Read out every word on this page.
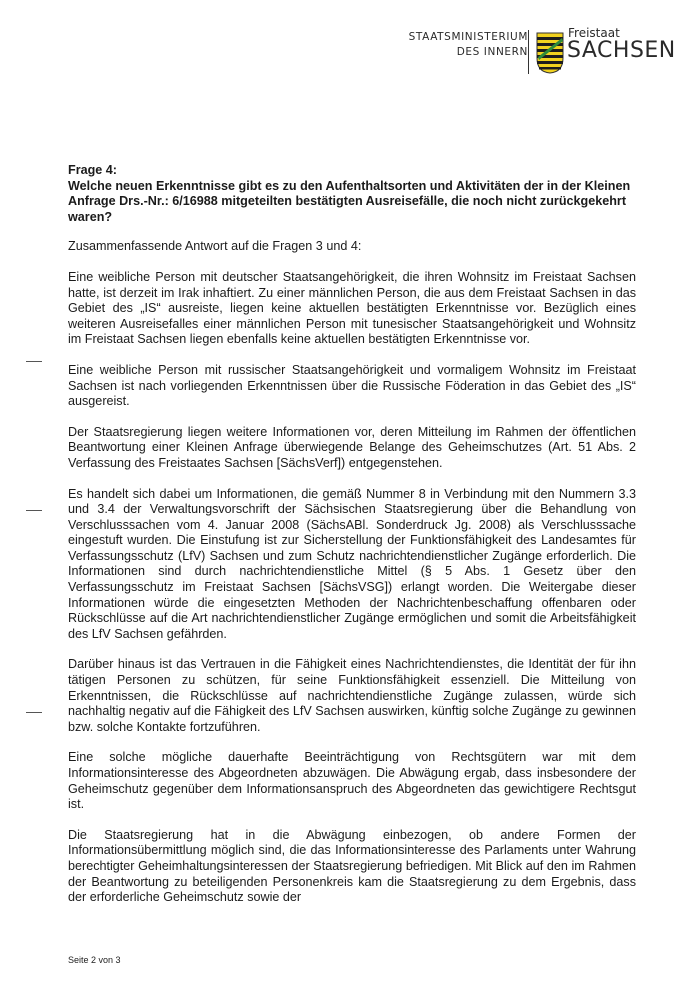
STAATSMINISTERIUM
DES INNERN
Freistaat
SACHSEN
Frage 4:
Welche neuen Erkenntnisse gibt es zu den Aufenthaltsorten und Aktivitäten der in der Kleinen Anfrage Drs.-Nr.: 6/16988 mitgeteilten bestätigten Ausreisefälle, die noch nicht zurückgekehrt waren?

Zusammenfassende Antwort auf die Fragen 3 und 4:

Eine weibliche Person mit deutscher Staatsangehörigkeit, die ihren Wohnsitz im Freistaat Sachsen hatte, ist derzeit im Irak inhaftiert. Zu einer männlichen Person, die aus dem Freistaat Sachsen in das Gebiet des „IS“ ausreiste, liegen keine aktuellen bestätigten Erkenntnisse vor. Bezüglich eines weiteren Ausreisefalles einer männlichen Person mit tunesischer Staatsangehörigkeit und Wohnsitz im Freistaat Sachsen liegen ebenfalls keine aktuellen bestätigten Erkenntnisse vor.

Eine weibliche Person mit russischer Staatsangehörigkeit und vormaligem Wohnsitz im Freistaat Sachsen ist nach vorliegenden Erkenntnissen über die Russische Föderation in das Gebiet des „IS“ ausgereist.

Der Staatsregierung liegen weitere Informationen vor, deren Mitteilung im Rahmen der öffentlichen Beantwortung einer Kleinen Anfrage überwiegende Belange des Geheimschutzes (Art. 51 Abs. 2 Verfassung des Freistaates Sachsen [SächsVerf]) entgegenstehen.

Es handelt sich dabei um Informationen, die gemäß Nummer 8 in Verbindung mit den Nummern 3.3 und 3.4 der Verwaltungsvorschrift der Sächsischen Staatsregierung über die Behandlung von Verschlusssachen vom 4. Januar 2008 (SächsABl. Sonderdruck Jg. 2008) als Verschlusssache eingestuft wurden. Die Einstufung ist zur Sicherstellung der Funktionsfähigkeit des Landesamtes für Verfassungsschutz (LfV) Sachsen und zum Schutz nachrichtendienstlicher Zugänge erforderlich. Die Informationen sind durch nachrichtendienstliche Mittel (§ 5 Abs. 1 Gesetz über den Verfassungsschutz im Freistaat Sachsen [SächsVSG]) erlangt worden. Die Weitergabe dieser Informationen würde die eingesetzten Methoden der Nachrichtenbeschaffung offenbaren oder Rückschlüsse auf die Art nachrichtendienstlicher Zugänge ermöglichen und somit die Arbeitsfähigkeit des LfV Sachsen gefährden.

Darüber hinaus ist das Vertrauen in die Fähigkeit eines Nachrichtendienstes, die Identität der für ihn tätigen Personen zu schützen, für seine Funktionsfähigkeit essenziell. Die Mitteilung von Erkenntnissen, die Rückschlüsse auf nachrichtendienstliche Zugänge zulassen, würde sich nachhaltig negativ auf die Fähigkeit des LfV Sachsen auswirken, künftig solche Zugänge zu gewinnen bzw. solche Kontakte fortzuführen.

Eine solche mögliche dauerhafte Beeinträchtigung von Rechtsgütern war mit dem Informationsinteresse des Abgeordneten abzuwägen. Die Abwägung ergab, dass insbesondere der Geheimschutz gegenüber dem Informationsanspruch des Abgeordneten das gewichtigere Rechtsgut ist.

Die Staatsregierung hat in die Abwägung einbezogen, ob andere Formen der Informationsübermittlung möglich sind, die das Informationsinteresse des Parlaments unter Wahrung berechtigter Geheimhaltungsinteressen der Staatsregierung befriedigen. Mit Blick auf den im Rahmen der Beantwortung zu beteiligenden Personenkreis kam die Staatsregierung zu dem Ergebnis, dass der erforderliche Geheimschutz sowie der

Seite 2 von 3
